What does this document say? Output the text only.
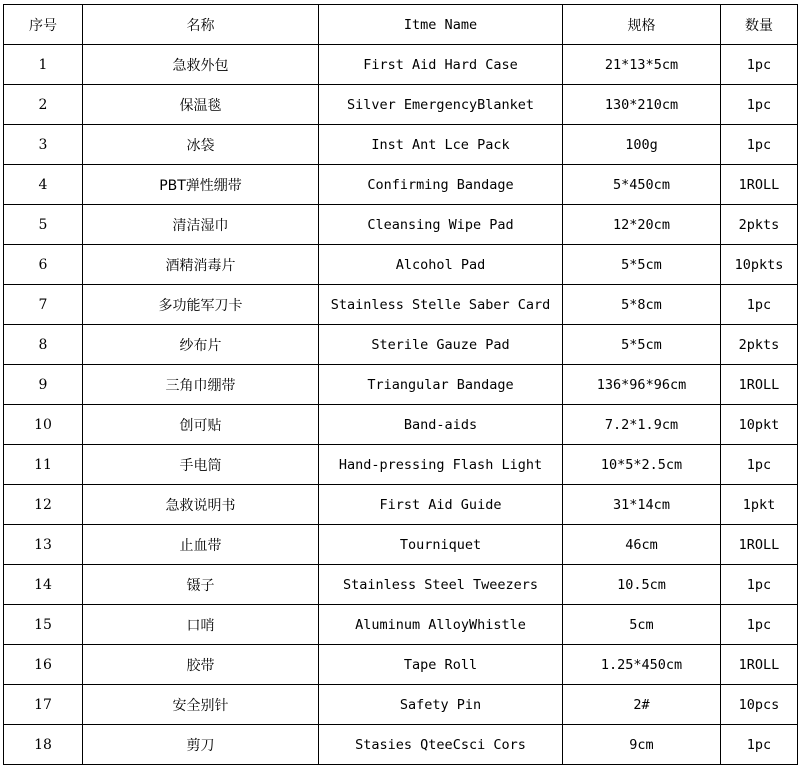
序号	名称	Itme Name	规格	数量
1	急救外包	First Aid Hard Case	21*13*5cm	1pc
2	保温毯	Silver EmergencyBlanket	130*210cm	1pc
3	冰袋	Inst Ant Lce Pack	100g	1pc
4	PBT弹性绷带	Confirming Bandage	5*450cm	1ROLL
5	清洁湿巾	Cleansing Wipe Pad	12*20cm	2pkts
6	酒精消毒片	Alcohol Pad	5*5cm	10pkts
7	多功能军刀卡	Stainless Stelle Saber Card	5*8cm	1pc
8	纱布片	Sterile Gauze Pad	5*5cm	2pkts
9	三角巾绷带	Triangular Bandage	136*96*96cm	1ROLL
10	创可贴	Band-aids	7.2*1.9cm	10pkt
11	手电筒	Hand-pressing Flash Light	10*5*2.5cm	1pc
12	急救说明书	First Aid Guide	31*14cm	1pkt
13	止血带	Tourniquet	46cm	1ROLL
14	镊子	Stainless Steel Tweezers	10.5cm	1pc
15	口哨	Aluminum AlloyWhistle	5cm	1pc
16	胶带	Tape Roll	1.25*450cm	1ROLL
17	安全别针	Safety Pin	2#	10pcs
18	剪刀	Stasies QteeCsci Cors	9cm	1pc
